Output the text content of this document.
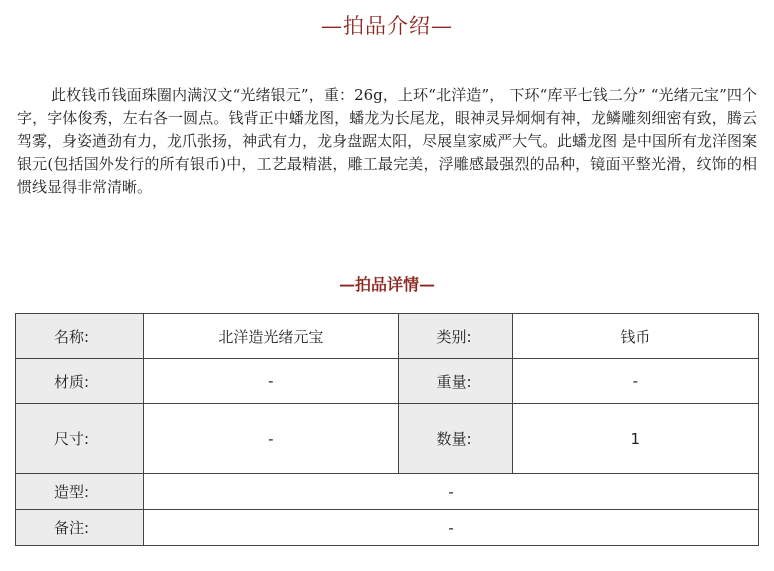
—拍品介绍—

此枚钱币钱面珠圈内满汉文“光绪银元”，重：26g，上环“北洋造”， 下环“库平七钱二分” “光绪元宝”四个字，字体俊秀，左右各一圆点。钱背正中蟠龙图，蟠龙为长尾龙，眼神灵异炯炯有神，龙鳞雕刻细密有致，腾云驾雾，身姿遒劲有力，龙爪张扬，神武有力，龙身盘踞太阳，尽展皇家威严大气。此蟠龙图 是中国所有龙洋图案银元(包括国外发行的所有银币)中，工艺最精湛，雕工最完美，浮雕感最强烈的品种，镜面平整光滑，纹饰的相惯线显得非常清晰。

—拍品详情—
名称:	北洋造光绪元宝	类别:	钱币
材质:	-	重量:	-
尺寸:	-	数量:	1
造型:	-		
备注:	-		
